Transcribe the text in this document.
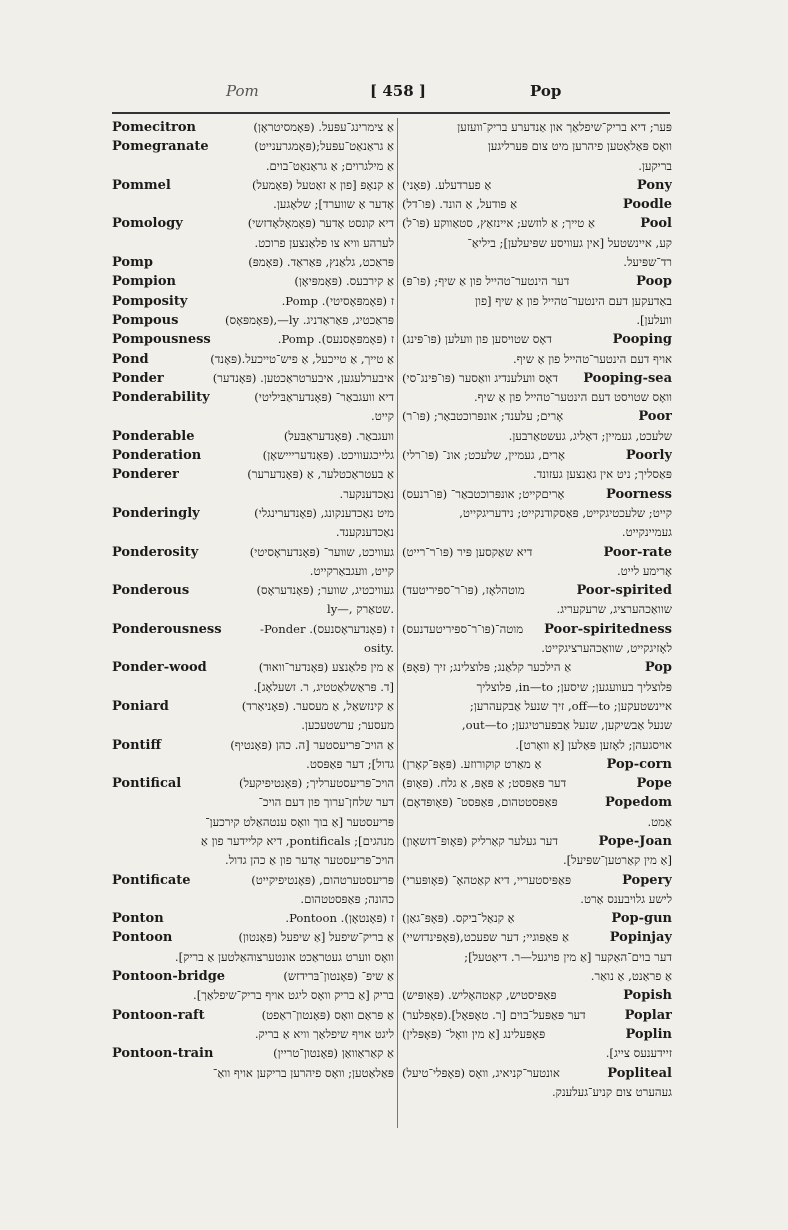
Pom	[ 458 ]	Pop
Pomecitron	אַ צימרינג־עפּעל. (פּאָמסיטראָן)
Pomegranate	אַ גראַנאַט־עפּעל;(פּאָמגרענייט)
אַ מילגרוים; אַ גראַנאַט־בוים.
Pommel	אַ קנאָפּ [פון אַ זאַטעל (פּאָמעל)
אָדער אַ שווערד]; שלאָגען.
Pomology	דיא קונסט אָדער (פּאָמאָלאָדזשי)
לערהע וויא צו פלאַנצען פרוכט.
Pomp	פּראַכט, גלאַנץ, פּאַראַד. (פּאָמפּ)
Pompion	אַ קירבעס. (פּאָמפּיאָן)
Pomposity	.Pomp .ז (פּאָמפּאָסיטי)
Pompous	פּראַכטיג, פּאַראַדניג. ly—,(פּאָמפּאָס)
Pompousness	.Pomp .ז (פּאָמפּאָסנעס)
Pond	אַ טייך, אַ טייכעל, אַ פיש־טייכעל.(פּאָנד)
Ponder	איבערלעגען, איבערטראַכטען. (פּאָנדער)
Ponderability	דיא וועגבאַר־ (פּאָנדעראַבּיליטי)
קייט.
Ponderable	וועגבאַר. (פּאָנדעראַבּעל)
Ponderation	גלייכגעוויכט. (פּאָנדערייישאָן)
Ponderer	אַ בעטראַכטלער, אַ (פּאָנדערער)
נאַכדענקער.
Ponderingly	מיט נאַכדענקונג, (פּאָנדערינגלי)
נאַכדענקענד.
Ponderosity	געוויכט, שווער־ (פּאָנדעראָסיטי)
קייט, וועגבאַרקייט.
Ponderous	געוויכטיג, שווער; (פּאָנדעראָס)
ly—, שטאַרק.
Ponderousness	-Ponder .ז (פּאָנדעראָסנעס)
osity.
Ponder-wood	אַ מין פלאַנצע (פּאָנדער־וואוּד)
[ד. פּראַשלאַטטיג, ר. זשעלאָג].
Poniard	אַ קינזשאַל, אַ מעסער. (פּאָניאַרד)
מעסער; ערשטעכען.
Pontiff	אַ הויכ־פּריעסטער [ה. כהן (פּאָנטיף)
גדול]; דער פּאַפּסט.
Pontifical	הויכ־פּריעסטערליך; (פּאָנטיפיקעל)
דער שלחן־ערוך פון דעם הויכ־
פּריעסטער [אַ בוך וואָס ענטהאַלט קירכען־
מנהגים]; pontificals, דיא קליידער פון אַ
הויכ־פּריעסטער אָדער פון אַ כהן גדול.
Pontificate	פּריעסטערטהום, (פּאָנטיפיקייט)
כהונה; פּאַפּסטטהום.
Ponton	.Pontoon .ז (פּאָנטאָן)
Pontoon	אַ בריק־שיפעל [אַ שיפעל (פּאָנטון)
וואָס ווערט געטראַכט אונטערצוהאַלטען אַ בריק].
Pontoon-bridge	אַ שיפ־ (פּאָנטון־בּרידזש)
בריק [אַ בריק וואָס ליגט אויף בריק־שיפלאַך].
Pontoon-raft	אַ פּראַם וואָס (פּאָנטון־ראַפט)
ליגט אויף שיפלאַך וויא אַ בריק.
Pontoon-train	אַ קאַראַוואַן (פּאָנטון־טריין)
פּאַלאַטען; וואָס פיהרען בריקען אויף וואַ־
פּער; דיא בריק־שיפלאַך און אַנדערע בריק־וועזען
וואָס פּאַלאַטען פיהרען מיט צום פּערליגען
בריקען.
אַ פערדעלע. (פּאָני)	Pony
אַ פּודעל, אַ הונד. (פּו־דל)	Poodle
אַ טייך; אַ לוזשע; איינזאַץ, סטאַווקע (פּו־ל)	Pool
קע, איינשטעל [אין געוויסע שפּיעלען]; ביליאַ־
רד־שפּיעל.
דער הינטער־טהייל פון אַ שיף; (פּו־פּ)	Poop
באַדעקען דעם הינטער־טהייל פון אַ שיף [פון
וועלען].
דאָס שטויסען פון וועלען (פּו־פּינג)	Pooping
אויף דעם הינטער־טהייל פון אַ שיף.
דאָס וועלענדיג וואַסער (פּו־פּינג־סי) Pooping-sea
וואָס שטויסט דעם הינטער־טהייל פון אַ שיף.
אָרים; עלענד; אונפּרוכטבאַר; (פּו־ר)	Poor
שלעכט, געמיין; דאַליג, געשטאַרבען.
אָרים, געמיין, שלעכט; אונ־ (פּו־רלי)	Poorly
פּאַסליך; ניט אין גאַנצען געזונד.
אָריםקייט; אונפּרוכטבאַר־ (פּו־רנעס)	Poorness
קייט; שלעכטיגקייט, פּאַסקודנקייט; נידעריגקייט,
געמיינקייט.
דיא שאַקסען פּיר (פּו־ר־רייט)	Poor-rate
אָרימע לייט.
מוטהלאָז, (פּו־ר־ספּיריטעד)	Poor-spirited
שוואַכהערציג, שרעקעריג.
מוטה־(פּו־ר־ספּיריטעדנעס) Poor-spiritedness
לאָזיגקייט, שוואַכהערציגקייט.
אַ הילכער קלאַנג; פּלוצלינג; זיך (פּאָפּ)	Pop
פּלוצליך בעוועגען; שיסען; in—to, פּלוצליך
איינשטעקען; off—to, זיך שנעל אַבקעהרען;
שנעל אַבשיקען, שנעל אַבפּערטיגען; out—to,
אויסגעהן; לאָזען פּאַלען [אַ וואָרט].
אַ מאַרט קוקורוזע. (פּאָפּ־קאָרן)	Pop-corn
דער פּאַפּסט; אַ פּאָפּ, אַ גלח. (פּאָופּ)	Pope
פּאַפּסטטהום, פּאַפּסט־ (פּאָופּדאָם)	Popedom
אַמט.
דער געלער קאַרליק (פּאָופּ־דזשאָון)	Pope-Joan
[אַ מין קאַרטען־שפּיעל].
פּאַפּיסטעריי, דיא קאַטהאָ־ (פּאָופּערי)	Popery
לישע גלויבענס אַרט.
אַ קנאַל־ביקס. (פּאָפּ־גאַן)	Pop-gun
אַ פּאַפּוגיי; דער שפעכט,(פּאָפּינדזשיי)	Popinjay
דער בוים־האַקער [אַ מין פויגעל—ר. דיאַטעל];
אַ פראַנט, אַ נואַר.
פּאַפּיסטיש, קאַטהאָליש. (פּאָופּיש)	Popish
דער פּאַפּעל־בוים [ר. טאָפּאָל].(פּאָפּלער)	Poplar
פּאָפּעלינג [אַ מין וואָל־ (פּאָפּלין)	Poplin
זיידענעס צייג].
אונטער־קניאיג, וואָס (פּאָפּלי־טיעל)	Popliteal
געהערט צום קניע־געלענק.
